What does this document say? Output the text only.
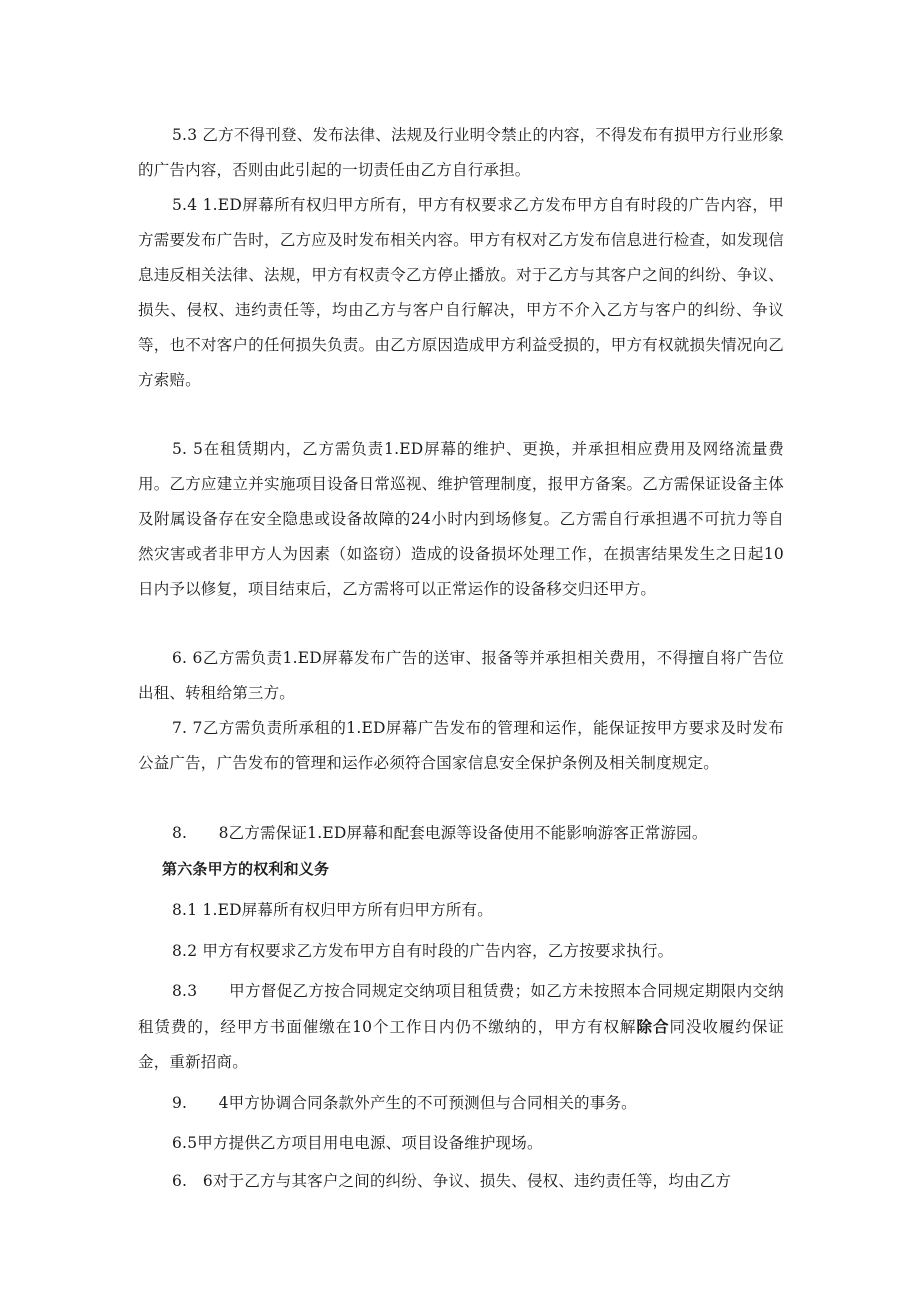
5.3 乙方不得刊登、发布法律、法规及行业明令禁止的内容，不得发布有损甲方行业形象的广告内容，否则由此引起的一切责任由乙方自行承担。

5.4 1.ED屏幕所有权归甲方所有，甲方有权要求乙方发布甲方自有时段的广告内容，甲方需要发布广告时，乙方应及时发布相关内容。甲方有权对乙方发布信息进行检查，如发现信息违反相关法律、法规，甲方有权责令乙方停止播放。对于乙方与其客户之间的纠纷、争议、损失、侵权、违约责任等，均由乙方与客户自行解决，甲方不介入乙方与客户的纠纷、争议等，也不对客户的任何损失负责。由乙方原因造成甲方利益受损的，甲方有权就损失情况向乙方索赔。

5. 5在租赁期内，乙方需负责1.ED屏幕的维护、更换，并承担相应费用及网络流量费用。乙方应建立并实施项目设备日常巡视、维护管理制度，报甲方备案。乙方需保证设备主体及附属设备存在安全隐患或设备故障的24小时内到场修复。乙方需自行承担遇不可抗力等自然灾害或者非甲方人为因素（如盗窃）造成的设备损坏处理工作，在损害结果发生之日起10日内予以修复，项目结束后，乙方需将可以正常运作的设备移交归还甲方。

6. 6乙方需负责1.ED屏幕发布广告的送审、报备等并承担相关费用，不得擅自将广告位出租、转租给第三方。

7. 7乙方需负责所承租的1.ED屏幕广告发布的管理和运作，能保证按甲方要求及时发布公益广告，广告发布的管理和运作必须符合国家信息安全保护条例及相关制度规定。

8.　　8乙方需保证1.ED屏幕和配套电源等设备使用不能影响游客正常游园。

第六条甲方的权利和义务

8.1 1.ED屏幕所有权归甲方所有归甲方所有。

8.2 甲方有权要求乙方发布甲方自有时段的广告内容，乙方按要求执行。

8.3　　甲方督促乙方按合同规定交纳项目租赁费；如乙方未按照本合同规定期限内交纳租赁费的，经甲方书面催缴在10个工作日内仍不缴纳的，甲方有权解除合同没收履约保证金，重新招商。

9.　　4甲方协调合同条款外产生的不可预测但与合同相关的事务。

6.5甲方提供乙方项目用电电源、项目设备维护现场。

6.　6对于乙方与其客户之间的纠纷、争议、损失、侵权、违约责任等，均由乙方
